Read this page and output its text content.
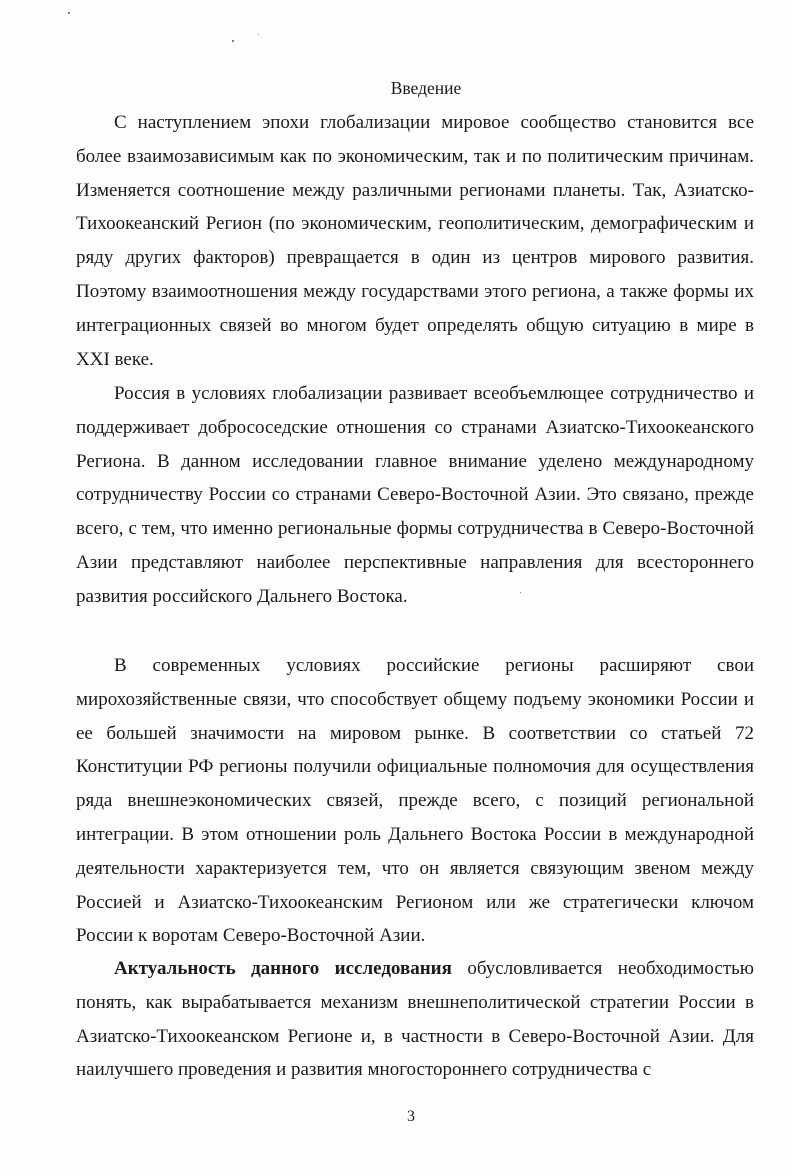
Введение

С наступлением эпохи глобализации мировое сообщество становится все более взаимозависимым как по экономическим, так и по политическим причинам. Изменяется соотношение между различными регионами планеты. Так, Азиатско-Тихоокеанский Регион (по экономическим, геополитическим, демографическим и ряду других факторов) превращается в один из центров мирового развития. Поэтому взаимоотношения между государствами этого региона, а также формы их интеграционных связей во многом будет определять общую ситуацию в мире в XXI веке.

Россия в условиях глобализации развивает всеобъемлющее сотрудничество и поддерживает добрососедские отношения со странами Азиатско-Тихоокеанского Региона. В данном исследовании главное внимание уделено международному сотрудничеству России со странами Северо-Восточной Азии. Это связано, прежде всего, с тем, что именно региональные формы сотрудничества в Северо-Восточной Азии представляют наиболее перспективные направления для всестороннего развития российского Дальнего Востока.

В современных условиях российские регионы расширяют свои мирохозяйственные связи, что способствует общему подъему экономики России и ее большей значимости на мировом рынке. В соответствии со статьей 72 Конституции РФ регионы получили официальные полномочия для осуществления ряда внешнеэкономических связей, прежде всего, с позиций региональной интеграции. В этом отношении роль Дальнего Востока России в международной деятельности характеризуется тем, что он является связующим звеном между Россией и Азиатско-Тихоокеанским Регионом или же стратегически ключом России к воротам Северо-Восточной Азии.

Актуальность данного исследования обусловливается необходимостью понять, как вырабатывается механизм внешнеполитической стратегии России в Азиатско-Тихоокеанском Регионе и, в частности в Северо-Восточной Азии. Для наилучшего проведения и развития многостороннего сотрудничества с

3
